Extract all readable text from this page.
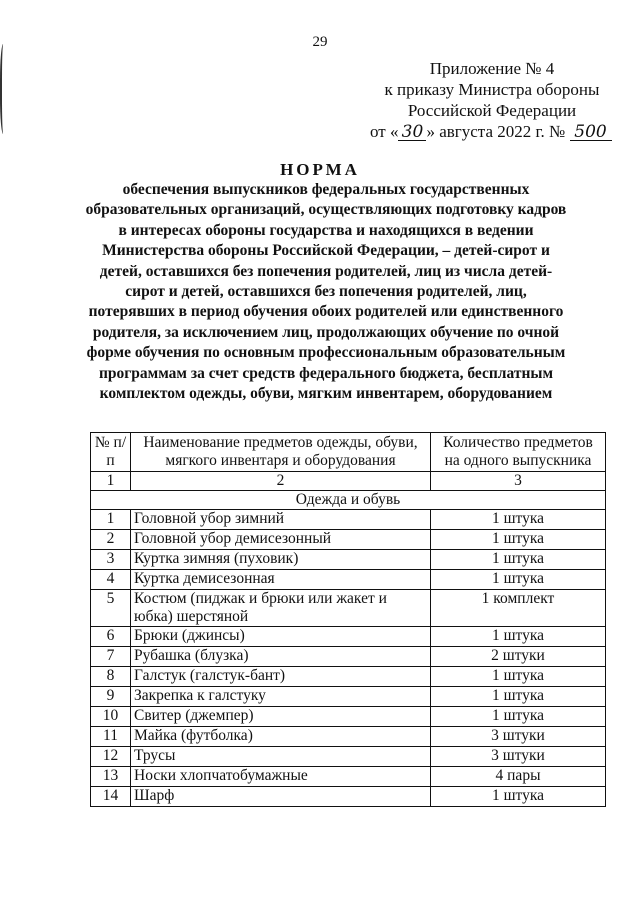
29
Приложение № 4
к приказу Министра обороны
Российской Федерации
от « 30 » августа 2022 г. № 500
НОРМА
обеспечения выпускников федеральных государственных образовательных организаций, осуществляющих подготовку кадров в интересах обороны государства и находящихся в ведении Министерства обороны Российской Федерации, – детей-сирот и детей, оставшихся без попечения родителей, лиц из числа детей-сирот и детей, оставшихся без попечения родителей, лиц, потерявших в период обучения обоих родителей или единственного родителя, за исключением лиц, продолжающих обучение по очной форме обучения по основным профессиональным образовательным программам за счет средств федерального бюджета, бесплатным комплектом одежды, обуви, мягким инвентарем, оборудованием
№ п/п	Наименование предметов одежды, обуви, мягкого инвентаря и оборудования	Количество предметов на одного выпускника
1	2	3
Одежда и обувь		
1	Головной убор зимний	1 штука
2	Головной убор демисезонный	1 штука
3	Куртка зимняя (пуховик)	1 штука
4	Куртка демисезонная	1 штука
5	Костюм (пиджак и брюки или жакет и юбка) шерстяной	1 комплект
6	Брюки (джинсы)	1 штука
7	Рубашка (блузка)	2 штуки
8	Галстук (галстук-бант)	1 штука
9	Закрепка к галстуку	1 штука
10	Свитер (джемпер)	1 штука
11	Майка (футболка)	3 штуки
12	Трусы	3 штуки
13	Носки хлопчатобумажные	4 пары
14	Шарф	1 штука
